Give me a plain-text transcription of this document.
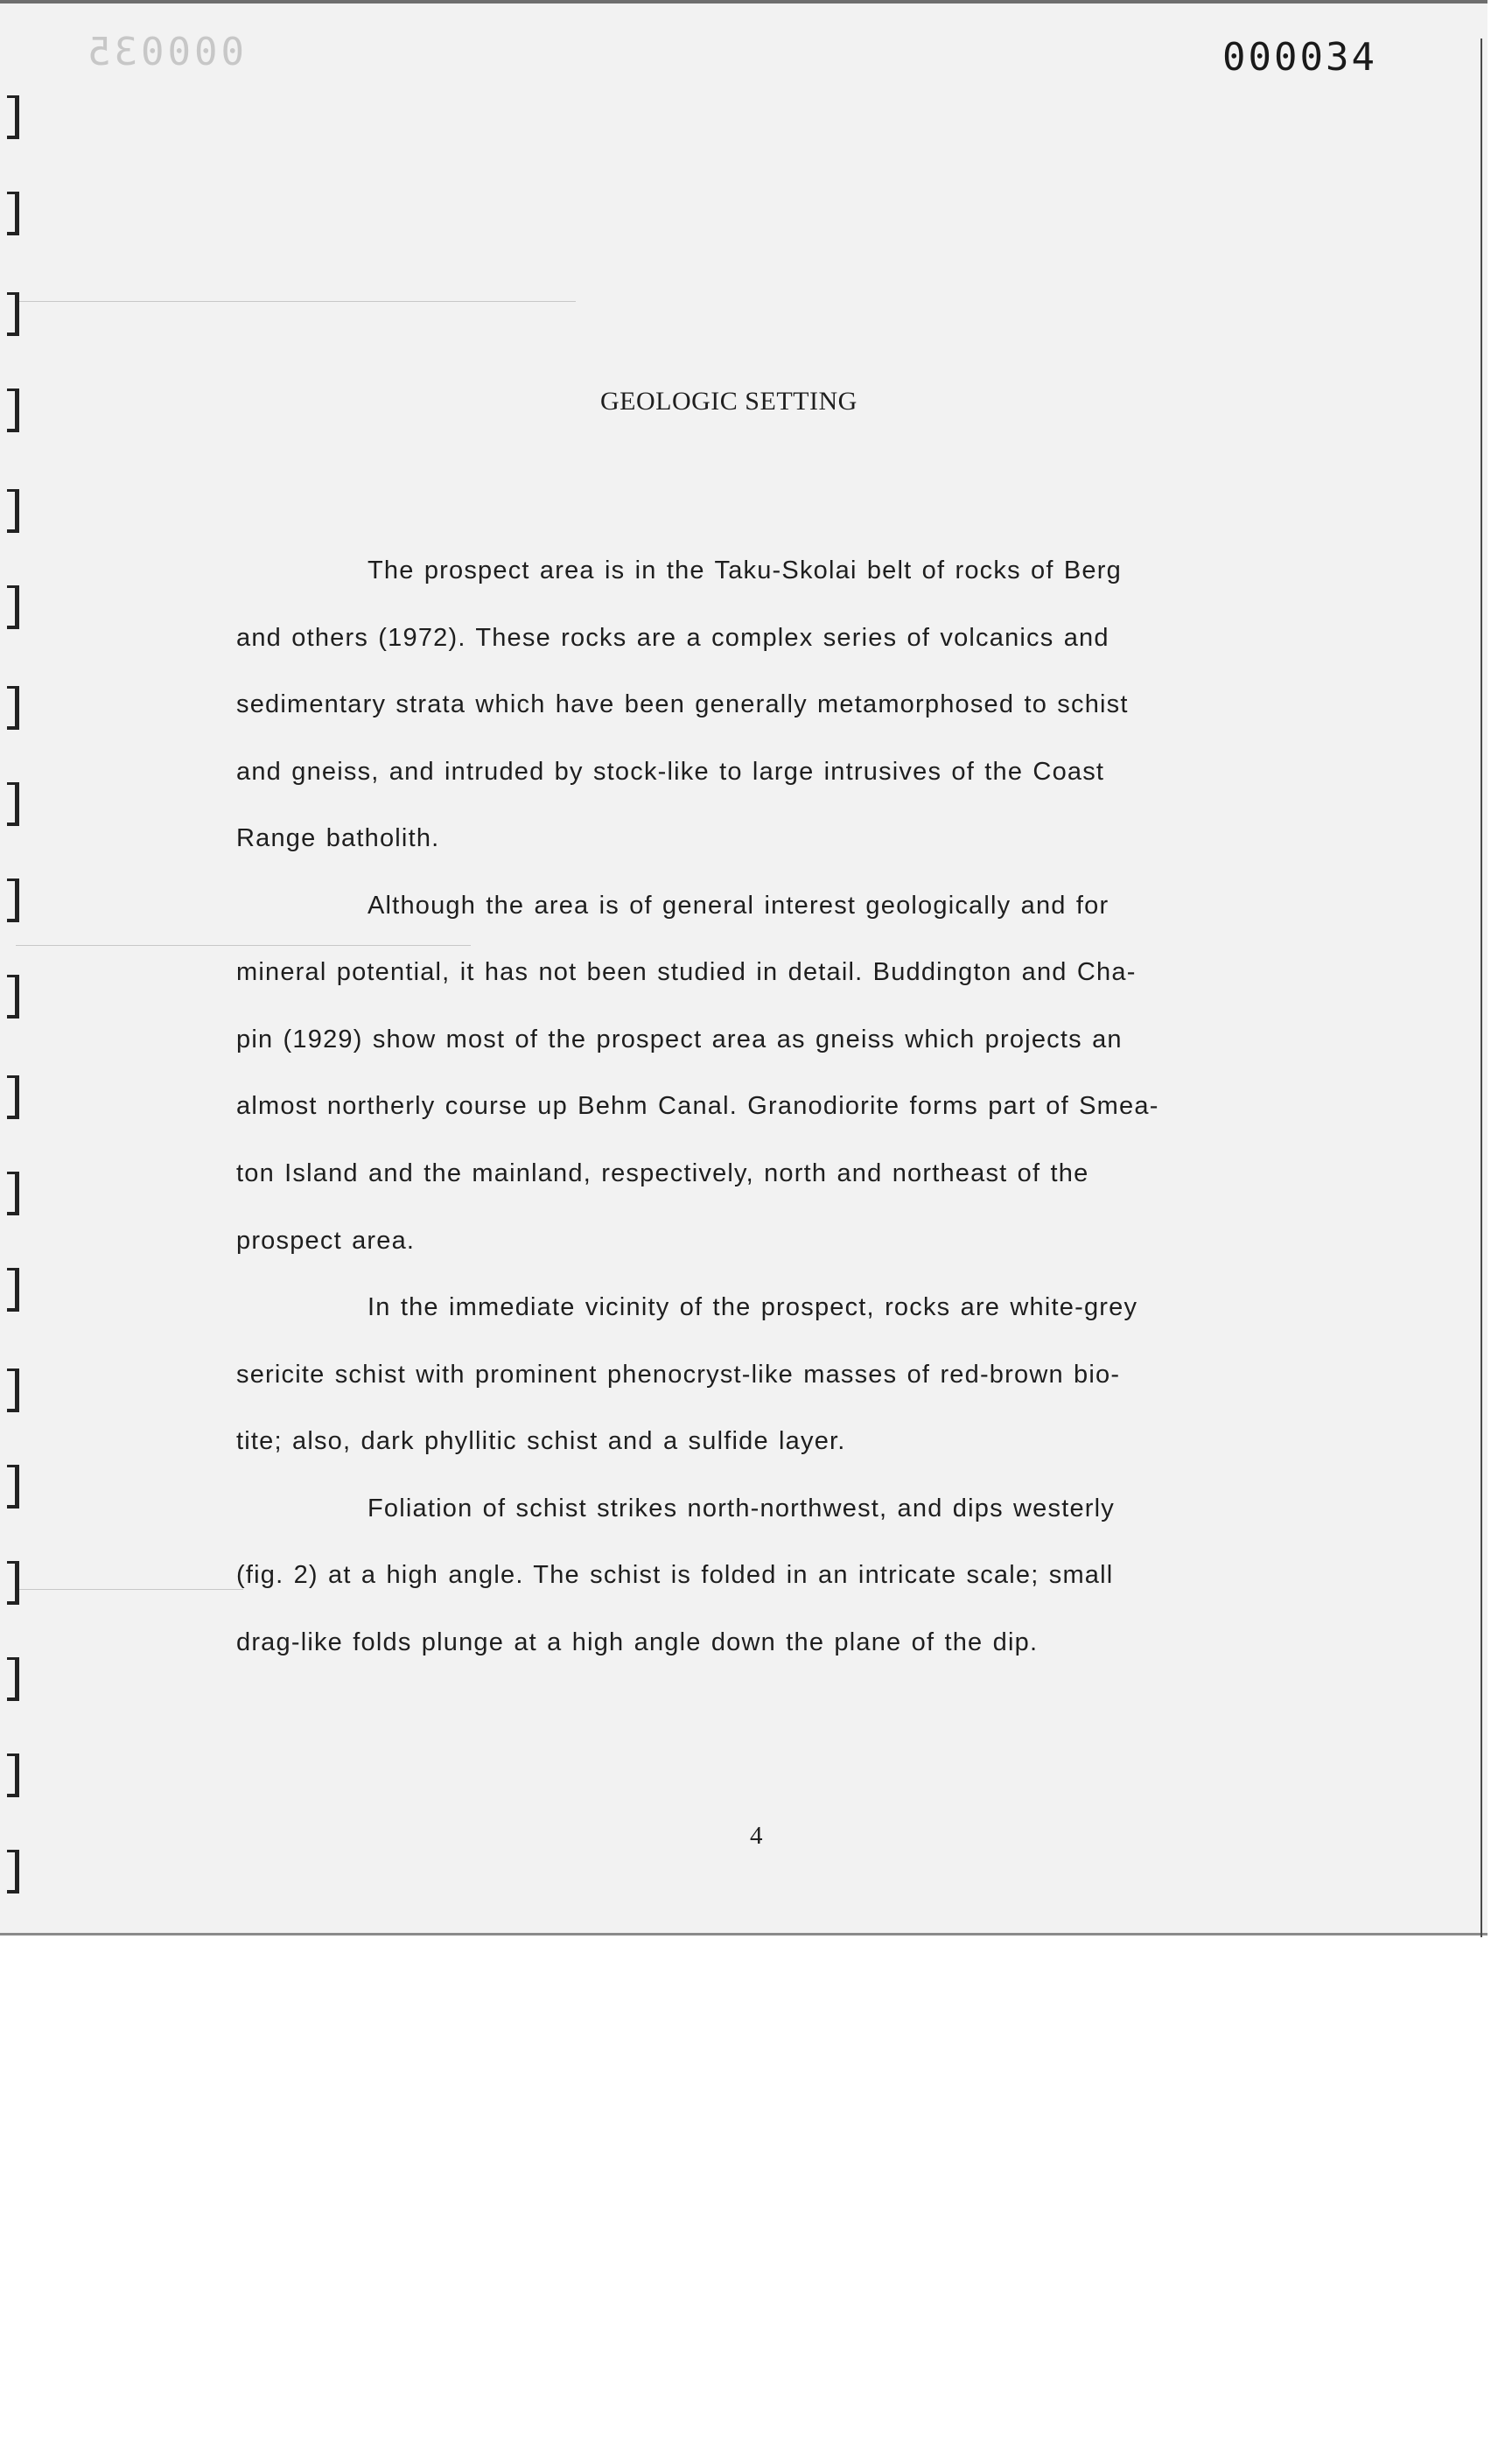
000035	000034
GEOLOGIC SETTING
The prospect area is in the Taku-Skolai belt of rocks of Berg
and others (1972). These rocks are a complex series of volcanics and
sedimentary strata which have been generally metamorphosed to schist
and gneiss, and intruded by stock-like to large intrusives of the Coast
Range batholith.
Although the area is of general interest geologically and for
mineral potential, it has not been studied in detail. Buddington and Cha-
pin (1929) show most of the prospect area as gneiss which projects an
almost northerly course up Behm Canal. Granodiorite forms part of Smea-
ton Island and the mainland, respectively, north and northeast of the
prospect area.
In the immediate vicinity of the prospect, rocks are white-grey
sericite schist with prominent phenocryst-like masses of red-brown bio-
tite; also, dark phyllitic schist and a sulfide layer.
Foliation of schist strikes north-northwest, and dips westerly
(fig. 2) at a high angle. The schist is folded in an intricate scale; small
drag-like folds plunge at a high angle down the plane of the dip.
4
